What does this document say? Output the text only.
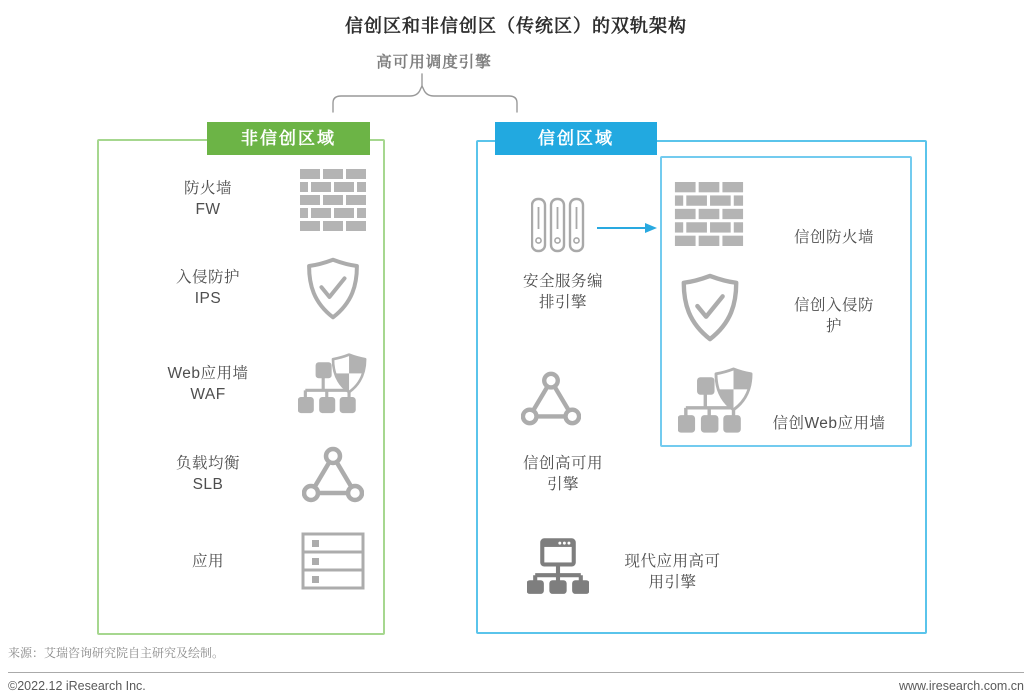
信创区和非信创区（传统区）的双轨架构
高可用调度引擎
非信创区域
防火墙
FW
入侵防护
IPS
Web应用墙
WAF
负载均衡
SLB
应用
信创区域
安全服务编
排引擎
信创防火墙
信创入侵防
护
信创Web应用墙
信创高可用
引擎
现代应用高可
用引擎
来源：艾瑞咨询研究院自主研究及绘制。
©2022.12 iResearch Inc.	www.iresearch.com.cn
